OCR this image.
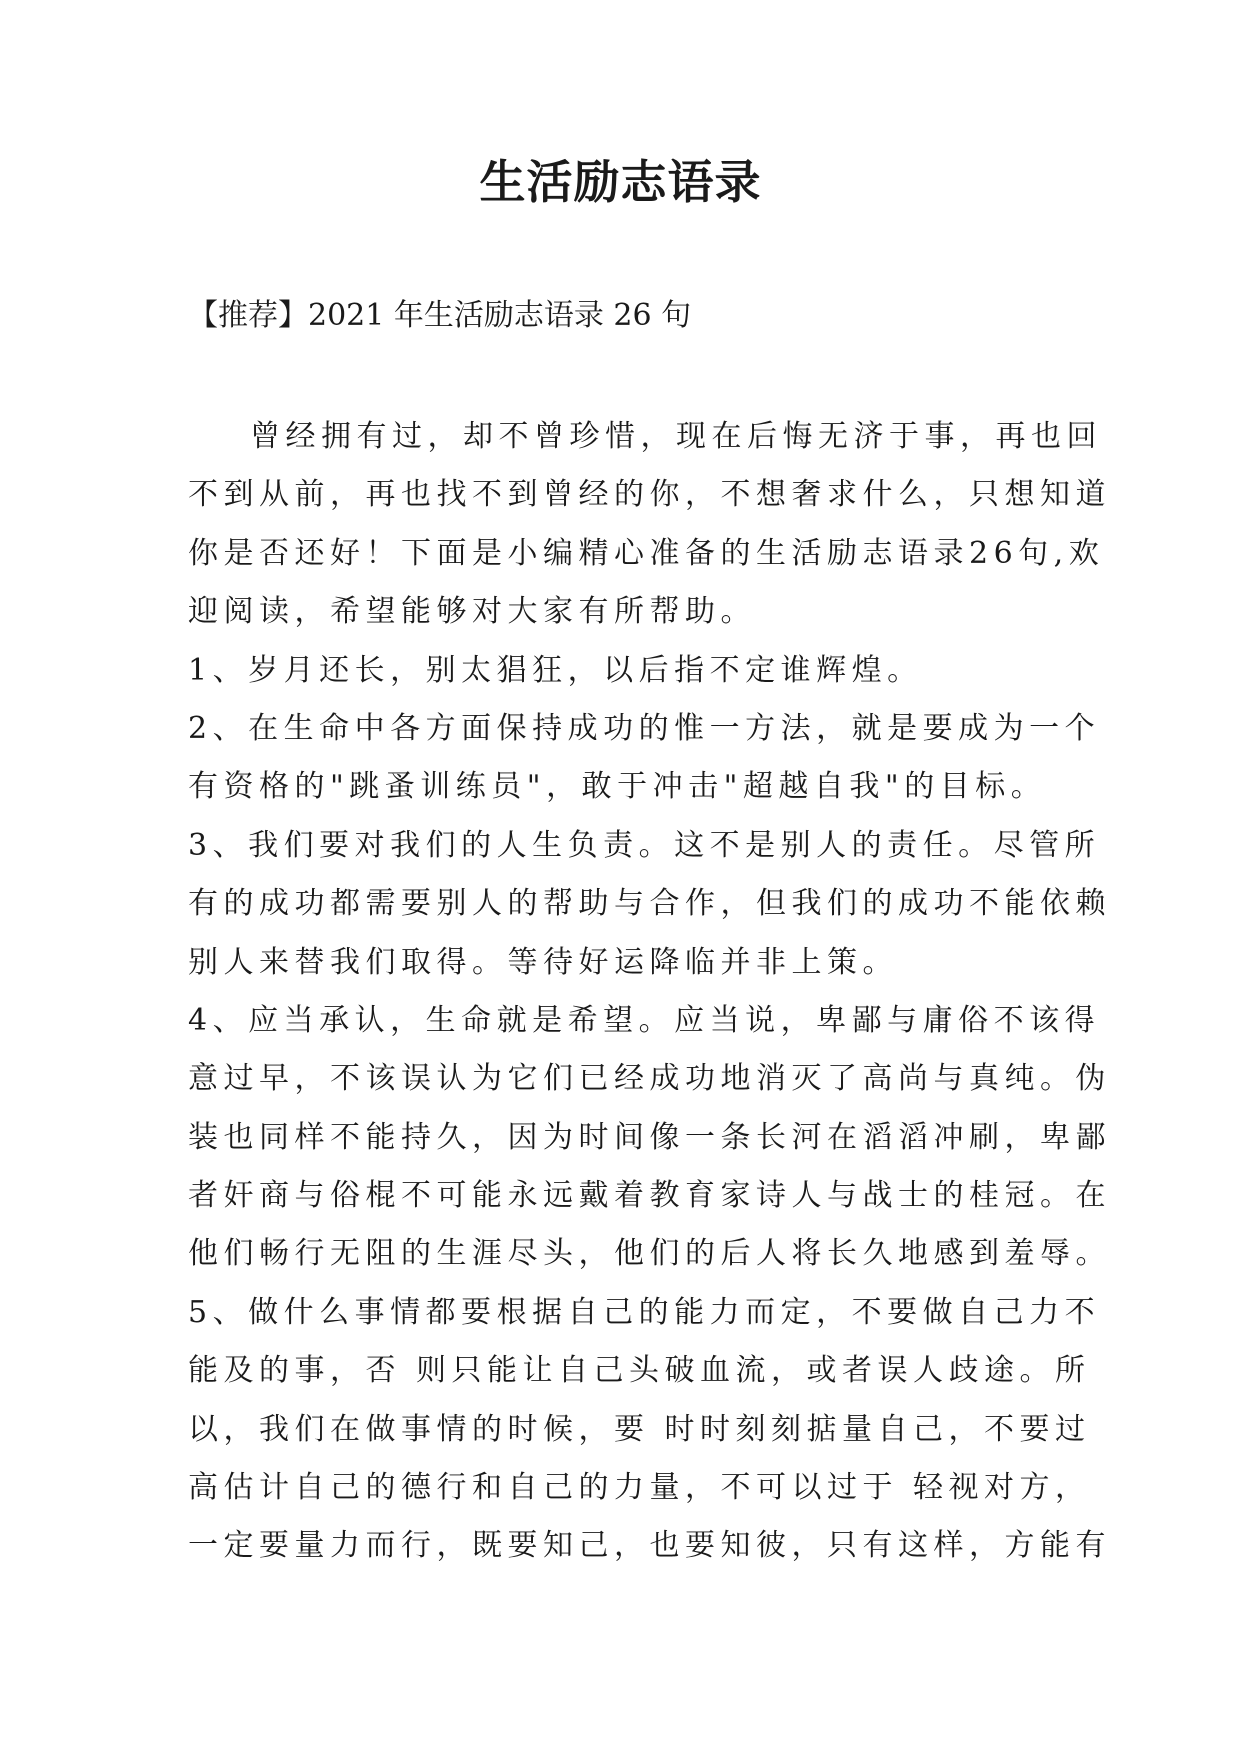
生活励志语录

【推荐】2021 年生活励志语录 26 句

曾经拥有过，却不曾珍惜，现在后悔无济于事，再也回
不到从前，再也找不到曾经的你，不想奢求什么，只想知道
你是否还好！下面是小编精心准备的生活励志语录26句,欢
迎阅读，希望能够对大家有所帮助。
1、岁月还长，别太猖狂，以后指不定谁辉煌。
2、在生命中各方面保持成功的惟一方法，就是要成为一个
有资格的"跳蚤训练员"，敢于冲击"超越自我"的目标。
3、我们要对我们的人生负责。这不是别人的责任。尽管所
有的成功都需要别人的帮助与合作，但我们的成功不能依赖
别人来替我们取得。等待好运降临并非上策。
4、应当承认，生命就是希望。应当说，卑鄙与庸俗不该得
意过早，不该误认为它们已经成功地消灭了高尚与真纯。伪
装也同样不能持久，因为时间像一条长河在滔滔冲刷，卑鄙
者奸商与俗棍不可能永远戴着教育家诗人与战士的桂冠。在
他们畅行无阻的生涯尽头，他们的后人将长久地感到羞辱。
5、做什么事情都要根据自己的能力而定，不要做自己力不
能及的事，否 则只能让自己头破血流，或者误人歧途。所
以，我们在做事情的时候，要 时时刻刻掂量自己，不要过
高估计自己的德行和自己的力量，不可以过于 轻视对方，
一定要量力而行，既要知己，也要知彼，只有这样，方能有
